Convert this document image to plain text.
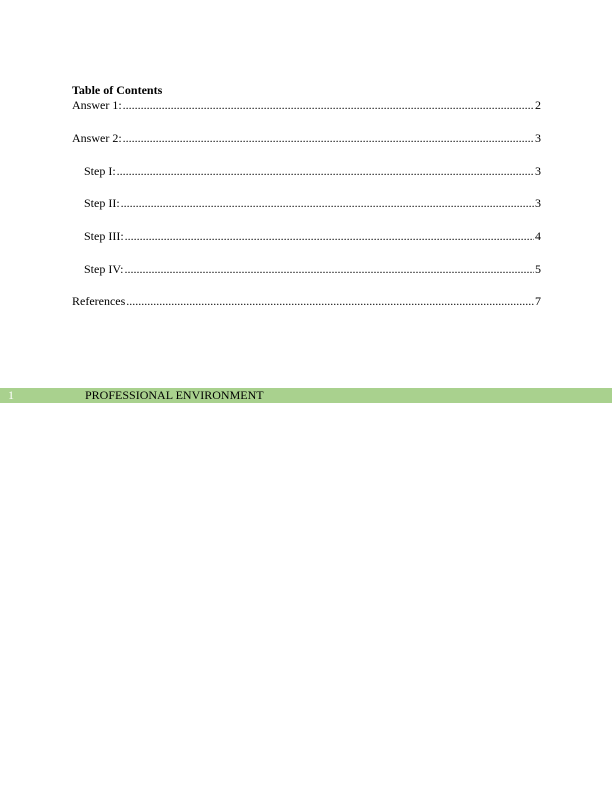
Table of Contents
Answer 1: .....	2
Answer 2: .....	3
Step I: .....	3
Step II: .....	3
Step III: .....	4
Step IV: .....	5
References .....	7
1	PROFESSIONAL ENVIRONMENT
